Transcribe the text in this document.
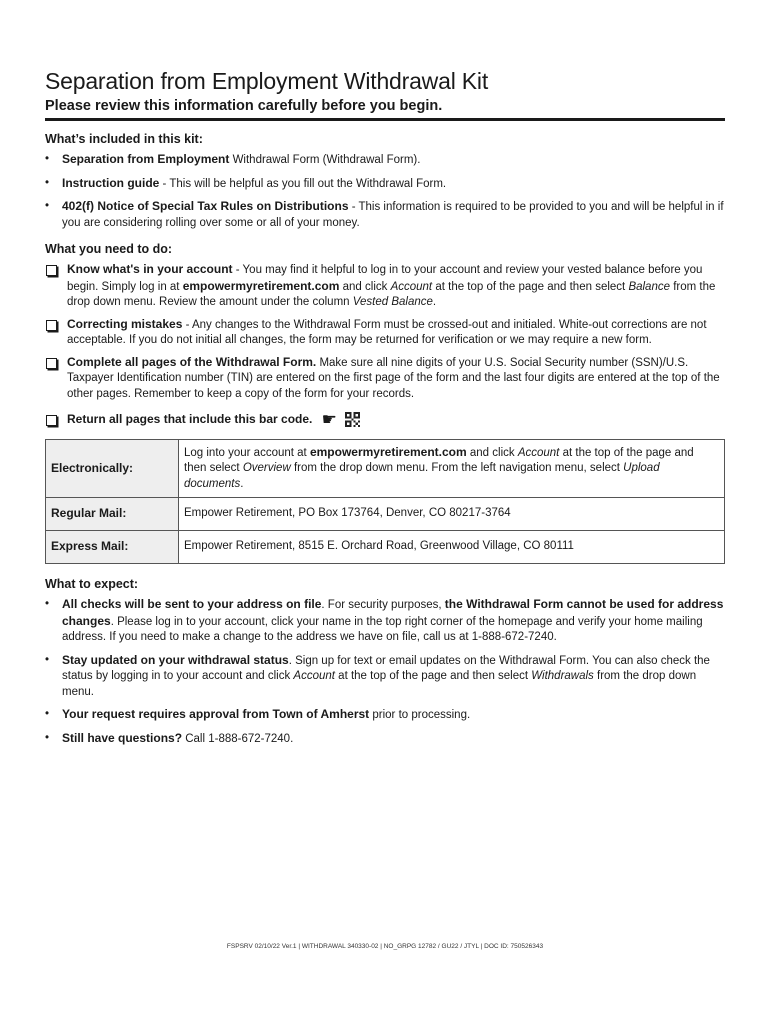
Separation from Employment Withdrawal Kit
Please review this information carefully before you begin.
What’s included in this kit:
• Separation from Employment Withdrawal Form (Withdrawal Form).
• Instruction guide - This will be helpful as you fill out the Withdrawal Form.
• 402(f) Notice of Special Tax Rules on Distributions - This information is required to be provided to you and will be helpful in if you are considering rolling over some or all of your money.
What you need to do:
Know what's in your account - You may find it helpful to log in to your account and review your vested balance before you begin. Simply log in at empowermyretirement.com and click Account at the top of the page and then select Balance from the drop down menu. Review the amount under the column Vested Balance.
Correcting mistakes - Any changes to the Withdrawal Form must be crossed-out and initialed. White-out corrections are not acceptable. If you do not initial all changes, the form may be returned for verification or we may require a new form.
Complete all pages of the Withdrawal Form. Make sure all nine digits of your U.S. Social Security number (SSN)/U.S. Taxpayer Identification number (TIN) are entered on the first page of the form and the last four digits are entered at the top of the other pages. Remember to keep a copy of the form for your records.
Return all pages that include this bar code. ☛
Electronically:	Log into your account at empowermyretirement.com and click Account at the top of the page and then select Overview from the drop down menu. From the left navigation menu, select Upload documents.
Regular Mail:	Empower Retirement, PO Box 173764, Denver, CO 80217-3764
Express Mail:	Empower Retirement, 8515 E. Orchard Road, Greenwood Village, CO 80111
What to expect:
• All checks will be sent to your address on file. For security purposes, the Withdrawal Form cannot be used for address changes. Please log in to your account, click your name in the top right corner of the homepage and verify your home mailing address. If you need to make a change to the address we have on file, call us at 1-888-672-7240.
• Stay updated on your withdrawal status. Sign up for text or email updates on the Withdrawal Form. You can also check the status by logging in to your account and click Account at the top of the page and then select Withdrawals from the drop down menu.
• Your request requires approval from Town of Amherst prior to processing.
• Still have questions? Call 1-888-672-7240.
FSPSRV 02/10/22 Ver.1 | WITHDRAWAL 340330-02 | NO_GRPG 12782 / GU22 / JTYL | DOC ID: 750526343
